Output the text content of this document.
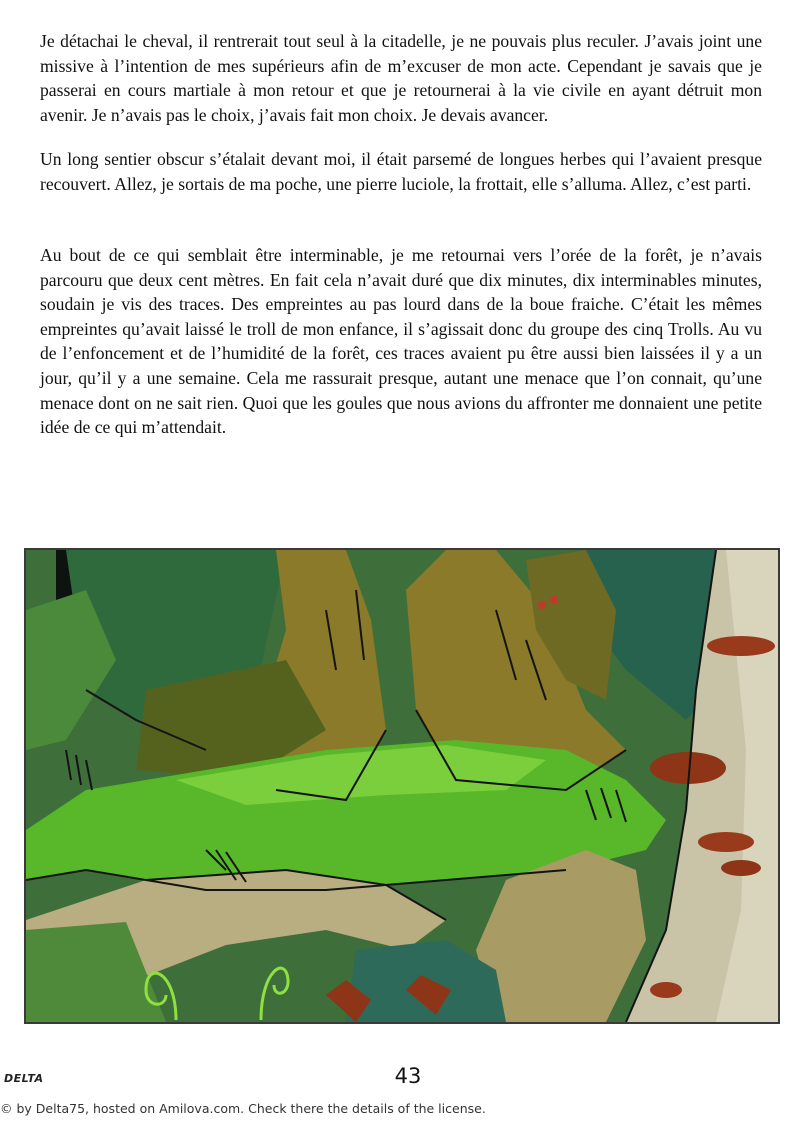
Je détachai le cheval, il rentrerait tout seul à la citadelle, je ne pouvais plus reculer. J’avais joint une missive à l’intention de mes supérieurs afin de m’excuser de mon acte. Cependant je savais que je passerai en cours martiale à mon retour et que je retournerai à la vie civile en ayant détruit mon avenir. Je n’avais pas le choix, j’avais fait mon choix. Je devais avancer.

Un long sentier obscur s’étalait devant moi, il était parsemé de longues herbes qui l’avaient presque recouvert. Allez, je sortais de ma poche, une pierre luciole, la frottait, elle s’alluma. Allez, c’est parti.

Au bout de ce qui semblait être interminable, je me retournai vers l’orée de la forêt, je n’avais parcouru que deux cent mètres. En fait cela n’avait duré que dix minutes, dix interminables minutes, soudain je vis des traces. Des empreintes au pas lourd dans de la boue fraiche. C’était les mêmes empreintes qu’avait laissé le troll de mon enfance, il s’agissait donc du groupe des cinq Trolls. Au vu de l’enfoncement et de l’humidité de la forêt, ces traces avaient pu être aussi bien laissées il y a un jour, qu’il y a une semaine. Cela me rassurait presque, autant une menace que l’on connait, qu’une menace dont on ne sait rien. Quoi que les goules que nous avions du affronter me donnaient une petite idée de ce qui m’attendait.

DELTA	43
© by Delta75, hosted on Amilova.com. Check there the details of the license.
